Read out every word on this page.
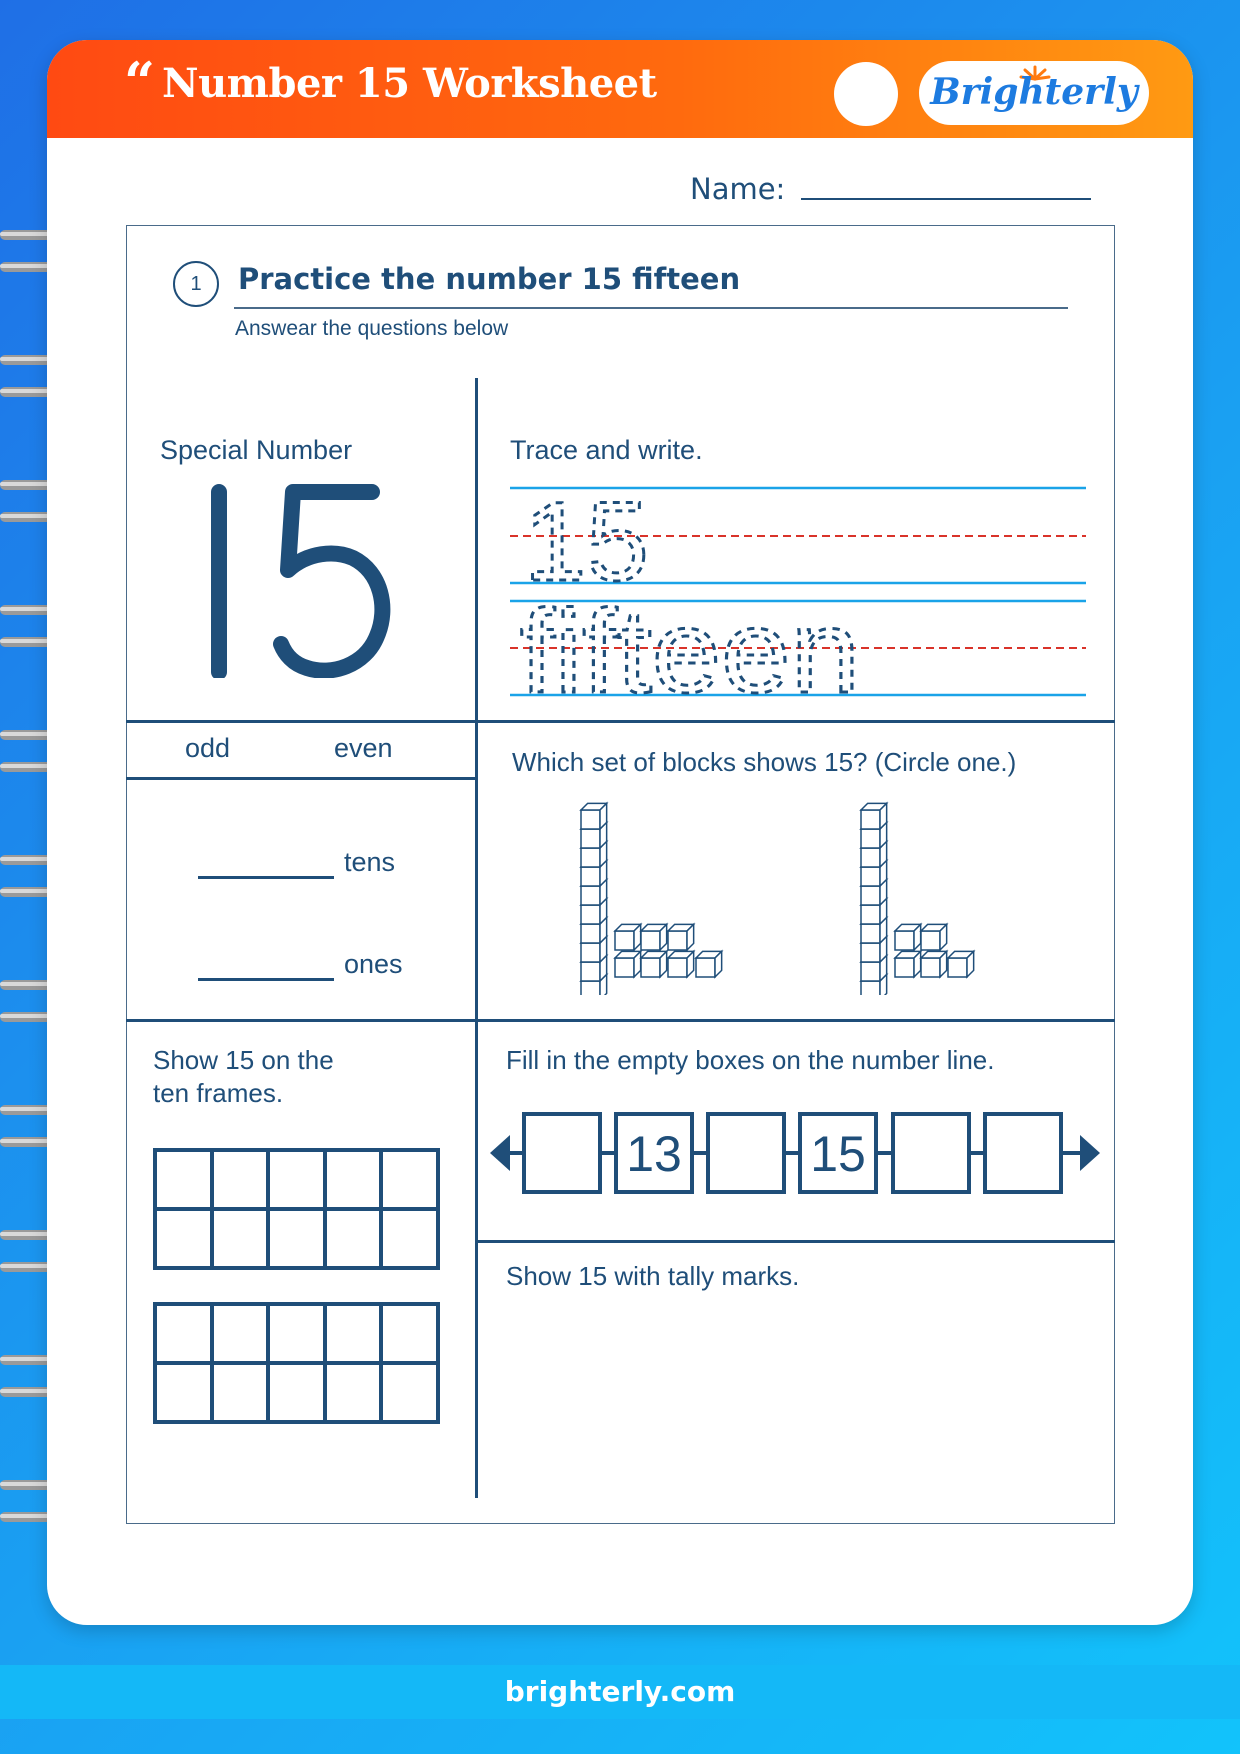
“ Number 15 Worksheet	Brighterly
Name:
1	Practice the number 15 fifteen
Answear the questions below
Special Number	Trace and write.
15
fifteen
odd	even
tens
ones
Which set of blocks shows 15? (Circle one.)
Show 15 on the
ten frames.

Fill in the empty boxes on the number line.
13	15
Show 15 with tally marks.
brighterly.com
